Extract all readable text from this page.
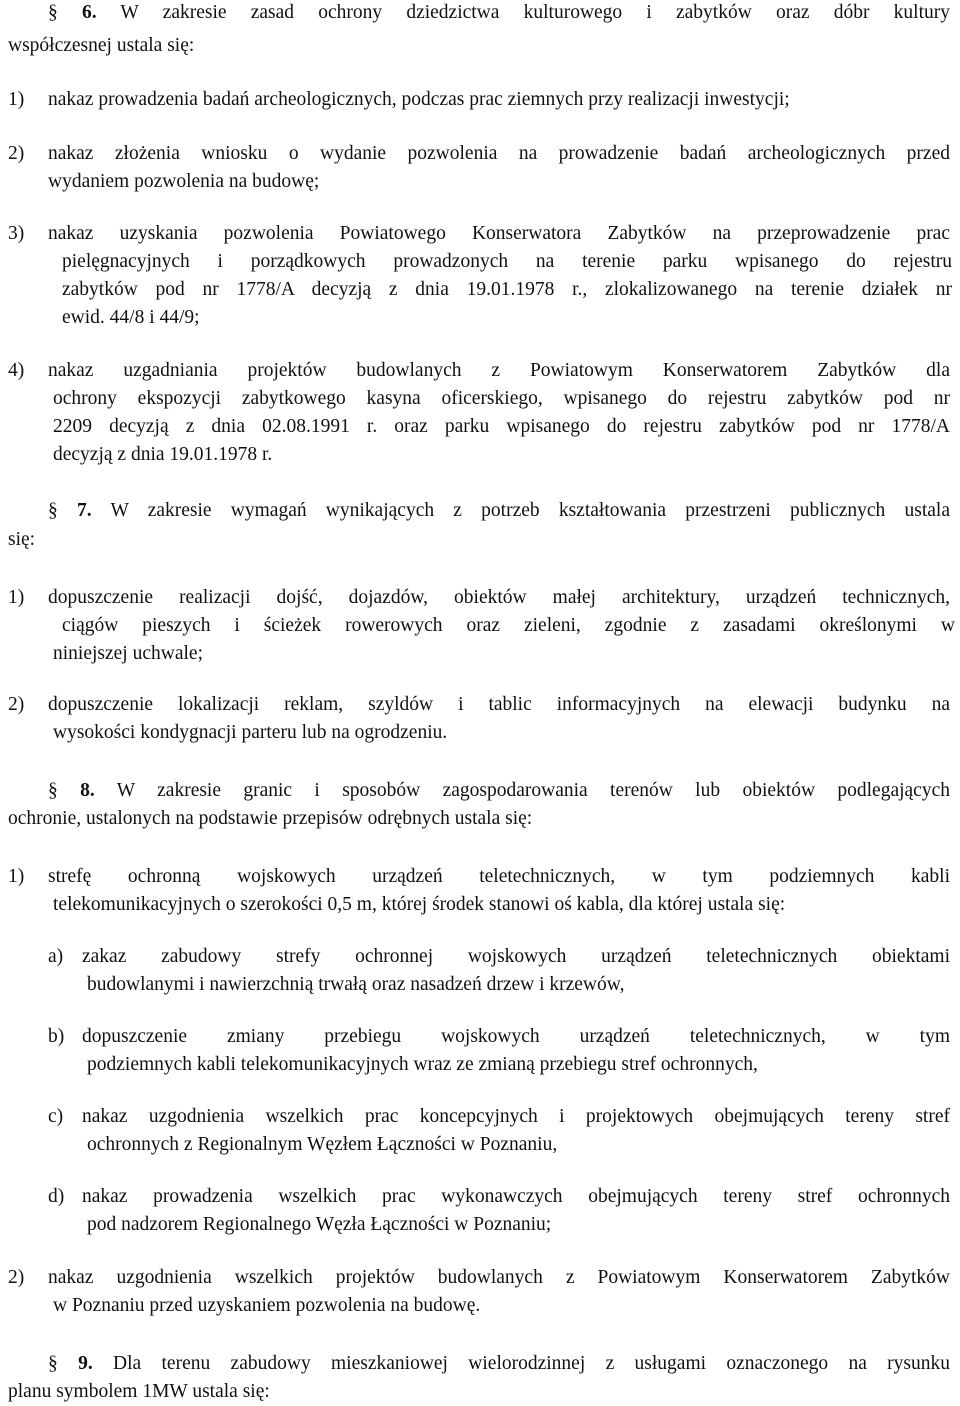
§ 6. W zakresie zasad ochrony dziedzictwa kulturowego i zabytków oraz dóbr kultury
współczesnej ustala się:
1) nakaz prowadzenia badań archeologicznych, podczas prac ziemnych przy realizacji inwestycji;
2) nakaz złożenia wniosku o wydanie pozwolenia na prowadzenie badań archeologicznych przed
wydaniem pozwolenia na budowę;
3) nakaz uzyskania pozwolenia Powiatowego Konserwatora Zabytków na przeprowadzenie prac
pielęgnacyjnych i porządkowych prowadzonych na terenie parku wpisanego do rejestru
zabytków pod nr 1778/A decyzją z dnia 19.01.1978 r., zlokalizowanego na terenie działek nr
ewid. 44/8 i 44/9;
4) nakaz uzgadniania projektów budowlanych z Powiatowym Konserwatorem Zabytków dla
ochrony ekspozycji zabytkowego kasyna oficerskiego, wpisanego do rejestru zabytków pod nr
2209 decyzją z dnia 02.08.1991 r. oraz parku wpisanego do rejestru zabytków pod nr 1778/A
decyzją z dnia 19.01.1978 r.
§ 7. W zakresie wymagań wynikających z potrzeb kształtowania przestrzeni publicznych ustala
się:
1) dopuszczenie realizacji dojść, dojazdów, obiektów małej architektury, urządzeń technicznych,
ciągów pieszych i ścieżek rowerowych oraz zieleni, zgodnie z zasadami określonymi w
niniejszej uchwale;
2) dopuszczenie lokalizacji reklam, szyldów i tablic informacyjnych na elewacji budynku na
wysokości kondygnacji parteru lub na ogrodzeniu.
§ 8. W zakresie granic i sposobów zagospodarowania terenów lub obiektów podlegających
ochronie, ustalonych na podstawie przepisów odrębnych ustala się:
1) strefę ochronną wojskowych urządzeń teletechnicznych, w tym podziemnych kabli
telekomunikacyjnych o szerokości 0,5 m, której środek stanowi oś kabla, dla której ustala się:
a) zakaz zabudowy strefy ochronnej wojskowych urządzeń teletechnicznych obiektami
budowlanymi i nawierzchnią trwałą oraz nasadzeń drzew i krzewów,
b) dopuszczenie zmiany przebiegu wojskowych urządzeń teletechnicznych, w tym
podziemnych kabli telekomunikacyjnych wraz ze zmianą przebiegu stref ochronnych,
c) nakaz uzgodnienia wszelkich prac koncepcyjnych i projektowych obejmujących tereny stref
ochronnych z Regionalnym Węzłem Łączności w Poznaniu,
d) nakaz prowadzenia wszelkich prac wykonawczych obejmujących tereny stref ochronnych
pod nadzorem Regionalnego Węzła Łączności w Poznaniu;
2) nakaz uzgodnienia wszelkich projektów budowlanych z Powiatowym Konserwatorem Zabytków
w Poznaniu przed uzyskaniem pozwolenia na budowę.
§ 9. Dla terenu zabudowy mieszkaniowej wielorodzinnej z usługami oznaczonego na rysunku
planu symbolem 1MW ustala się:
